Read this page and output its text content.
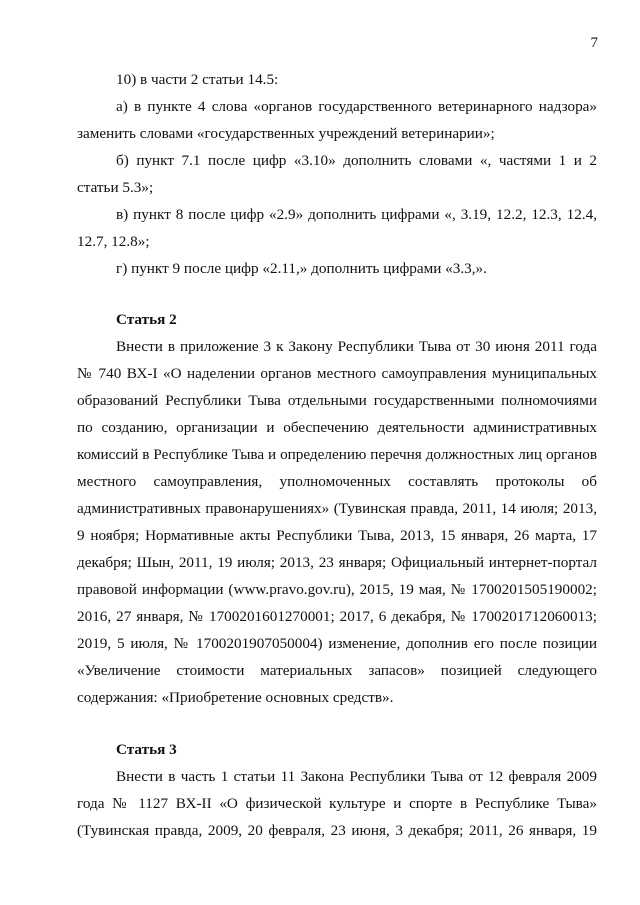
7

10) в части 2 статьи 14.5:

а) в пункте 4 слова «органов государственного ветеринарного надзора» заменить словами «государственных учреждений ветеринарии»;

б) пункт 7.1 после цифр «3.10» дополнить словами «, частями 1 и 2 статьи 5.3»;

в) пункт 8 после цифр «2.9» дополнить цифрами «, 3.19, 12.2, 12.3, 12.4, 12.7, 12.8»;

г) пункт 9 после цифр «2.11,» дополнить цифрами «3.3,».

Статья 2

Внести в приложение 3 к Закону Республики Тыва от 30 июня 2011 года № 740 ВХ-I «О наделении органов местного самоуправления муниципальных образований Республики Тыва отдельными государственными полномочиями по созданию, организации и обеспечению деятельности административных комиссий в Республике Тыва и определению перечня должностных лиц органов местного самоуправления, уполномоченных составлять протоколы об административных правонарушениях» (Тувинская правда, 2011, 14 июля; 2013, 9 ноября; Нормативные акты Республики Тыва, 2013, 15 января, 26 марта, 17 декабря; Шын, 2011, 19 июля; 2013, 23 января; Официальный интернет-портал правовой информации (www.pravo.gov.ru), 2015, 19 мая, № 1700201505190002; 2016, 27 января, № 1700201601270001; 2017, 6 декабря, № 1700201712060013; 2019, 5 июля, № 1700201907050004) изменение, дополнив его после позиции «Увеличение стоимости материальных запасов» позицией следующего содержания: «Приобретение основных средств».

Статья 3

Внести в часть 1 статьи 11 Закона Республики Тыва от 12 февраля 2009 года № 1127 ВХ-II «О физической культуре и спорте в Республике Тыва» (Тувинская правда, 2009, 20 февраля, 23 июня, 3 декабря; 2011, 26 января, 19
